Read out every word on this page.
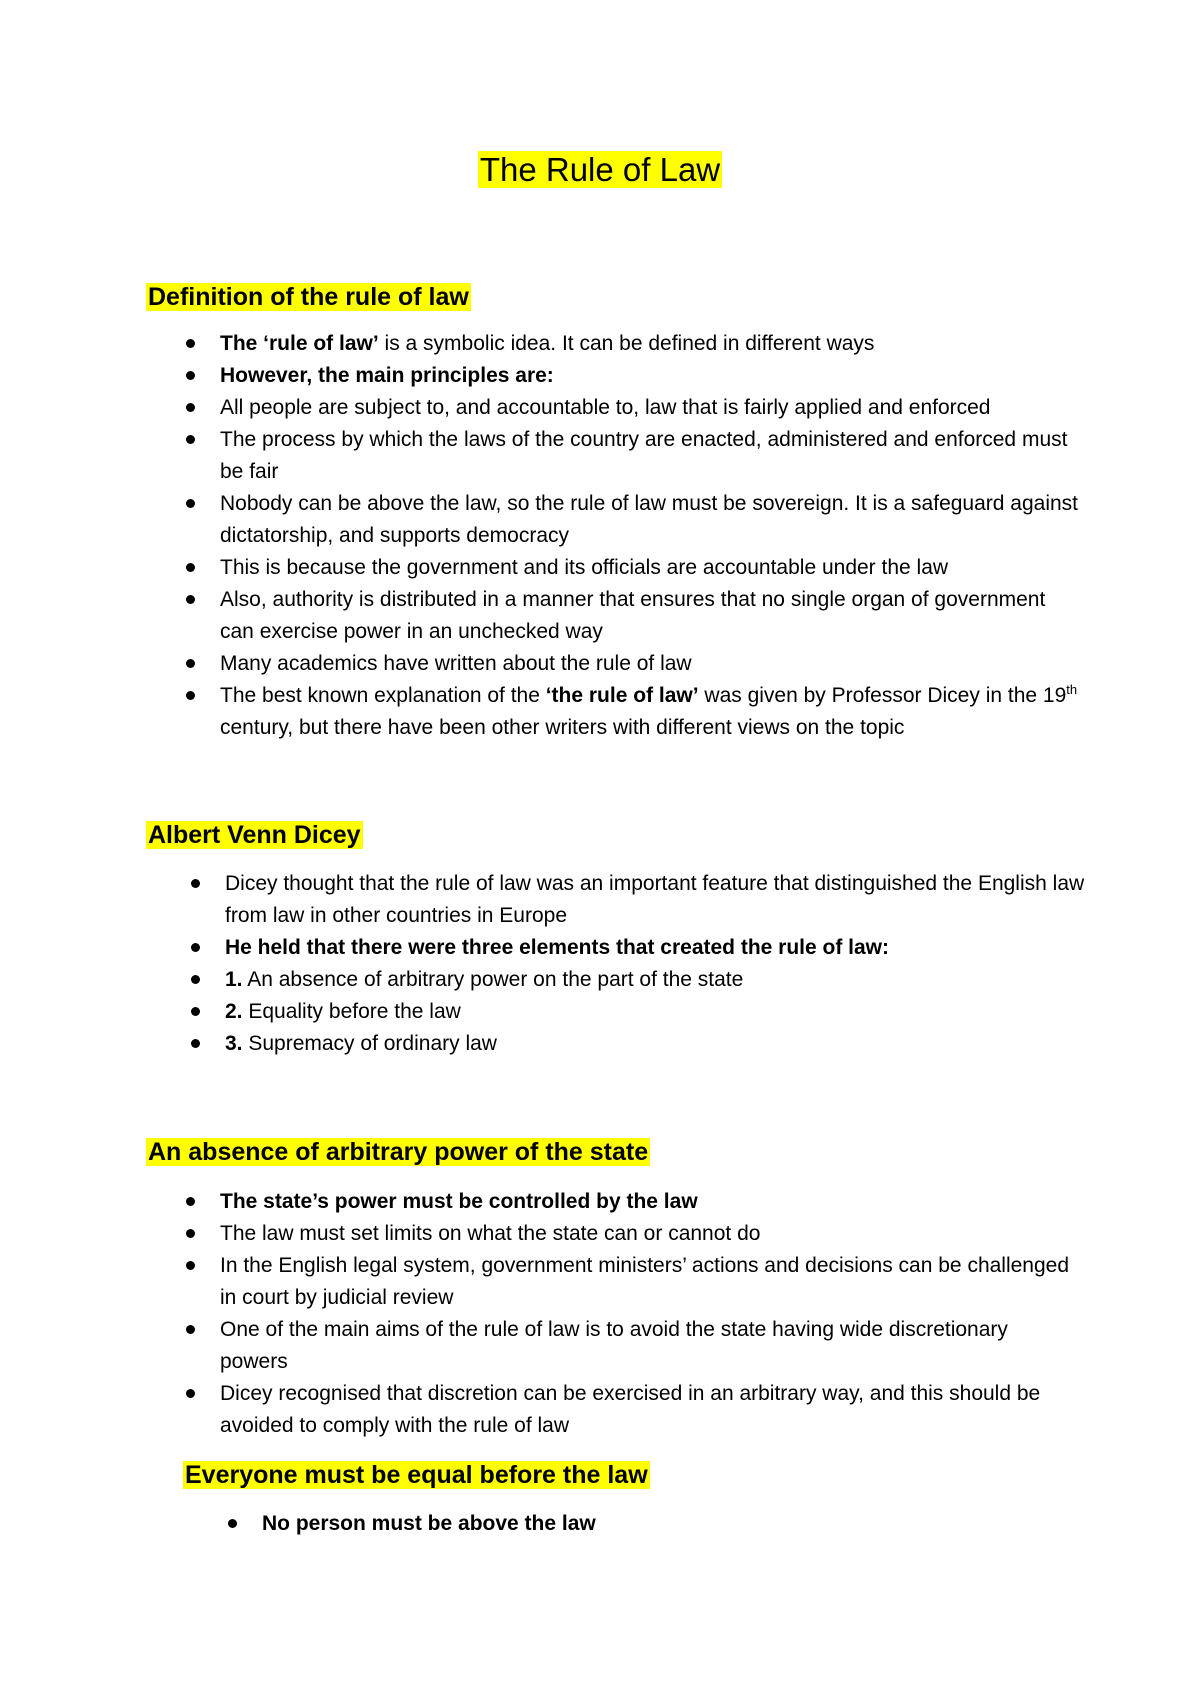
The Rule of Law
Definition of the rule of law
The ‘rule of law’ is a symbolic idea. It can be defined in different ways
However, the main principles are:
All people are subject to, and accountable to, law that is fairly applied and enforced
The process by which the laws of the country are enacted, administered and enforced must be fair
Nobody can be above the law, so the rule of law must be sovereign. It is a safeguard against dictatorship, and supports democracy
This is because the government and its officials are accountable under the law
Also, authority is distributed in a manner that ensures that no single organ of government can exercise power in an unchecked way
Many academics have written about the rule of law
The best known explanation of the ‘the rule of law’ was given by Professor Dicey in the 19th century, but there have been other writers with different views on the topic
Albert Venn Dicey
Dicey thought that the rule of law was an important feature that distinguished the English law from law in other countries in Europe
He held that there were three elements that created the rule of law:
1. An absence of arbitrary power on the part of the state
2. Equality before the law
3. Supremacy of ordinary law
An absence of arbitrary power of the state
The state’s power must be controlled by the law
The law must set limits on what the state can or cannot do
In the English legal system, government ministers’ actions and decisions can be challenged in court by judicial review
One of the main aims of the rule of law is to avoid the state having wide discretionary powers
Dicey recognised that discretion can be exercised in an arbitrary way, and this should be avoided to comply with the rule of law
Everyone must be equal before the law
No person must be above the law
